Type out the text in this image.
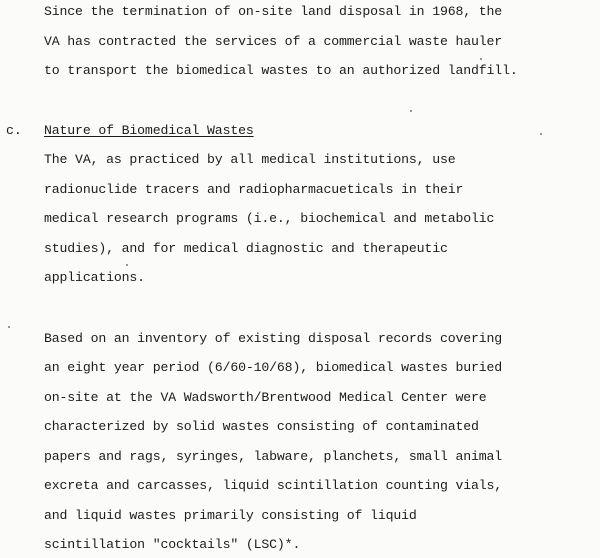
Since the termination of on-site land disposal in 1968, the
VA has contracted the services of a commercial waste hauler
to transport the biomedical wastes to an authorized landfill.
c. Nature of Biomedical Wastes
The VA, as practiced by all medical institutions, use
radionuclide tracers and radiopharmacueticals in their
medical research programs (i.e., biochemical and metabolic
studies), and for medical diagnostic and therapeutic
applications.
Based on an inventory of existing disposal records covering
an eight year period (6/60-10/68), biomedical wastes buried
on-site at the VA Wadsworth/Brentwood Medical Center were
characterized by solid wastes consisting of contaminated
papers and rags, syringes, labware, planchets, small animal
excreta and carcasses, liquid scintillation counting vials,
and liquid wastes primarily consisting of liquid
scintillation "cocktails" (LSC)*.
